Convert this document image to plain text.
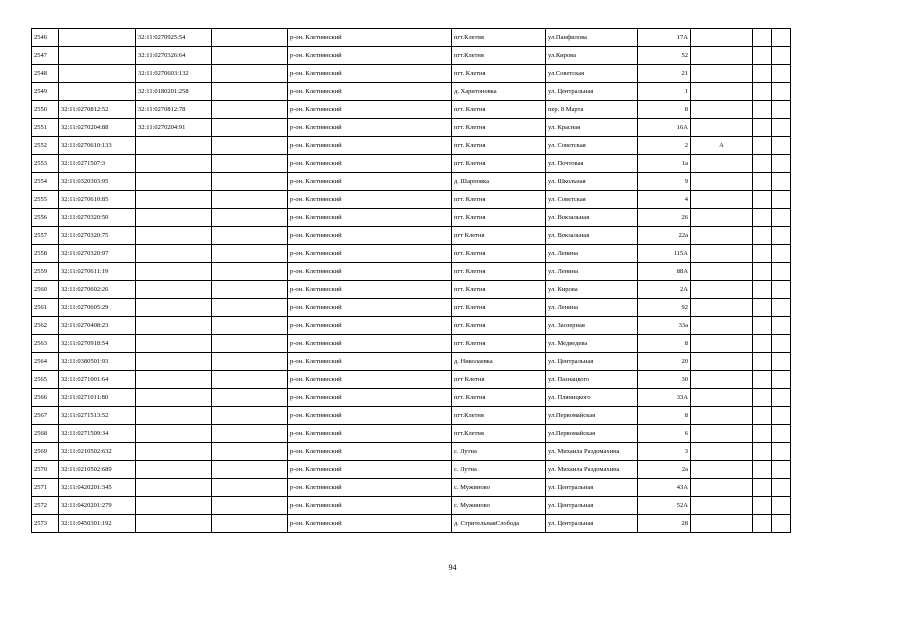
2546		32:11:0270925:54		р-он. Клетнянский	пгт.Клетня	ул.Панфилова	17А			
2547		32:11:0270326:64		р-он. Клетнянский	пгт.Клетня	ул.Кирова	52			
2548		32:11:0270603:132		р-он. Клетнянский	пгт. Клетня	ул.Советская	21			
2549		32:11:0180201:258		р-он. Клетнянский	д. Харитоновка	ул. Центральная	1			
2550	32:11:0270812:52	32:11:0270812:78		р-он. Клетнянский	пгт. Клетня	пер. 8 Марта	8			
2551	32:11:0270204:88	32:11:0270204:91		р-он. Клетнянский	пгт. Клетня	ул. Красная	16А			
2552	32:11:0270610:133			р-он. Клетнянский	пгт. Клетня	ул. Советская	2	А		
2553	32:11:0271507:3			р-он. Клетнянский	пгт. Клетня	ул. Почтовая	1а			
2554	32:11:0320303:95			р-он. Клетнянский	д. Шарповка	ул. Школьная	9			
2555	32:11:0270610:85			р-он. Клетнянский	пгт. Клетня	ул. Советская	4			
2556	32:11:0270320:50			р-он. Клетнянский	пгт. Клетня	ул. Вокзальная	26			
2557	32:11:0270320:75			р-он. Клетнянский	пгт Клетня	ул. Вокзальная	22а			
2558	32:11:0270320:97			р-он. Клетнянский	пгт. Клетня	ул. Ленина	115А			
2559	32:11:0270611:19			р-он. Клетнянский	пгт. Клетня	ул. Ленина	88А			
2560	32:11:0270602:26			р-он. Клетнянский	пгт. Клетня	ул. Кирова	2А			
2561	32:11:0270605:29			р-он. Клетнянский	пгт. Клетня	ул. Ленина	92			
2562	32:11:0270408:23			р-он. Клетнянский	пгт. Клетня	ул. Заозерная	33а			
2563	32:11:0270918:54			р-он. Клетнянский	пгт. Клетня	ул. Медведева	8			
2564	32:11:0380501:93			р-он. Клетнянский	д. Николаевка	ул. Центральная	20			
2565	32:11:0271001:64			р-он. Клетнянский	пгт Клетня	ул. Пазнацкого	30			
2566	32:11:0271011:80			р-он. Клетнянский	пгт. Клетня	ул. Пляницкого	33А			
2567	32:11:0271513:52			р-он. Клетнянский	пгт.Клетня	ул.Первомайская	8			
2568	32:11:0271509:34			р-он. Клетнянский	пгт.Клетня	ул.Первомайская	6			
2569	32:11:0210502:632			р-он. Клетнянский	с. Лутна	ул. Михаила Раздомахина	3			
2570	32:11:0210502:689			р-он. Клетнянский	с. Лутна	ул. Михаила Раздомахина	2а			
2571	32:11:0420201:345			р-он. Клетнянский	с. Мужиново	ул. Центральная	43А			
2572	32:11:0420201:279			р-он. Клетнянский	с. Мужиново	ул. Центральная	52А			
2573	32:11:0450301:192			р-он. Клетнянский	д. СтрительнаяСлобода	ул. Центральная	28			
94
